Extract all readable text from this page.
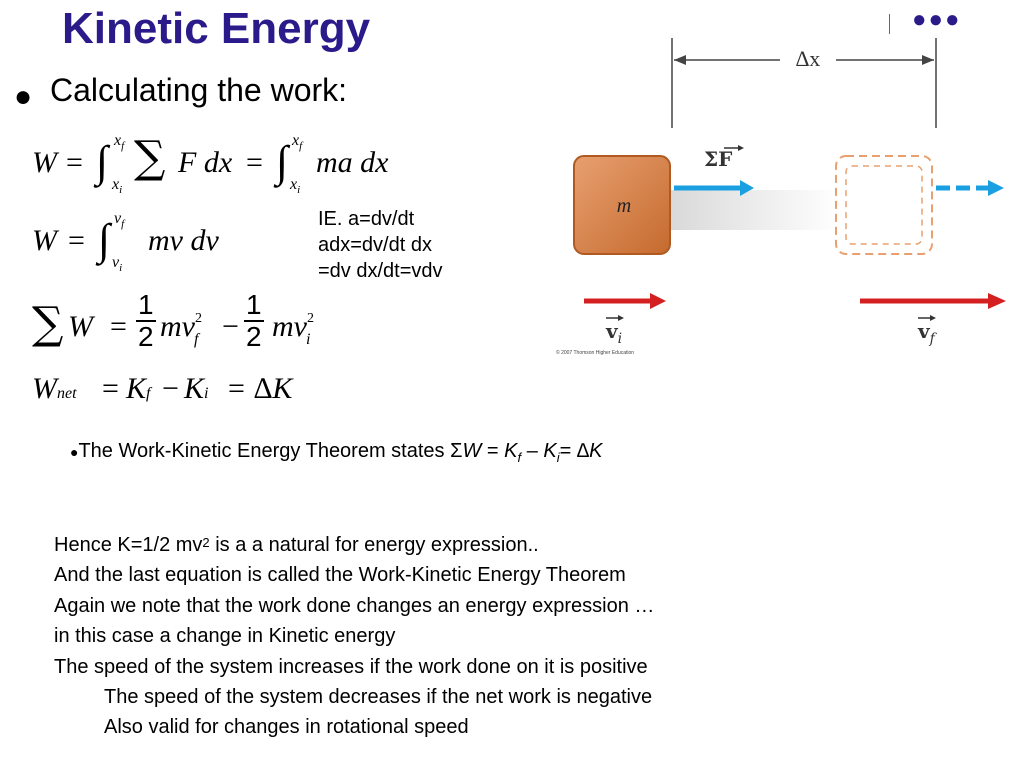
Kinetic Energy	●●●
● Calculating the work:
W = ∫ $x_f$
$x_i$
∑ F dx = ∫ $x_f$
$x_i$
ma dx
W = ∫ $v_f$
$v_i$
mv dv
IE. a=dv/dt
adx=dv/dt dx
=dv dx/dt=vdv
∑ $W = \frac{1}{2} mv^2_f - \frac{1}{2} mv^2_i$
Wnet = Kf − Ki = ∆K
●The Work-Kinetic Energy Theorem states $\Sigma W = K_f - K_i= \Delta K$
Hence K=1/2 $mv^2$ is a a natural for energy expression..
And the last equation is called the Work-Kinetic Energy Theorem
Again we note that the work done changes an energy expression …
in this case a change in Kinetic energy
The speed of the system increases if the work done on it is positive
The speed of the system decreases if the net work is negative
Also valid for changes in rotational speed
∆x
m
ΣF
$v_i$	$v_f$
© 2007 Thomson Higher Education
